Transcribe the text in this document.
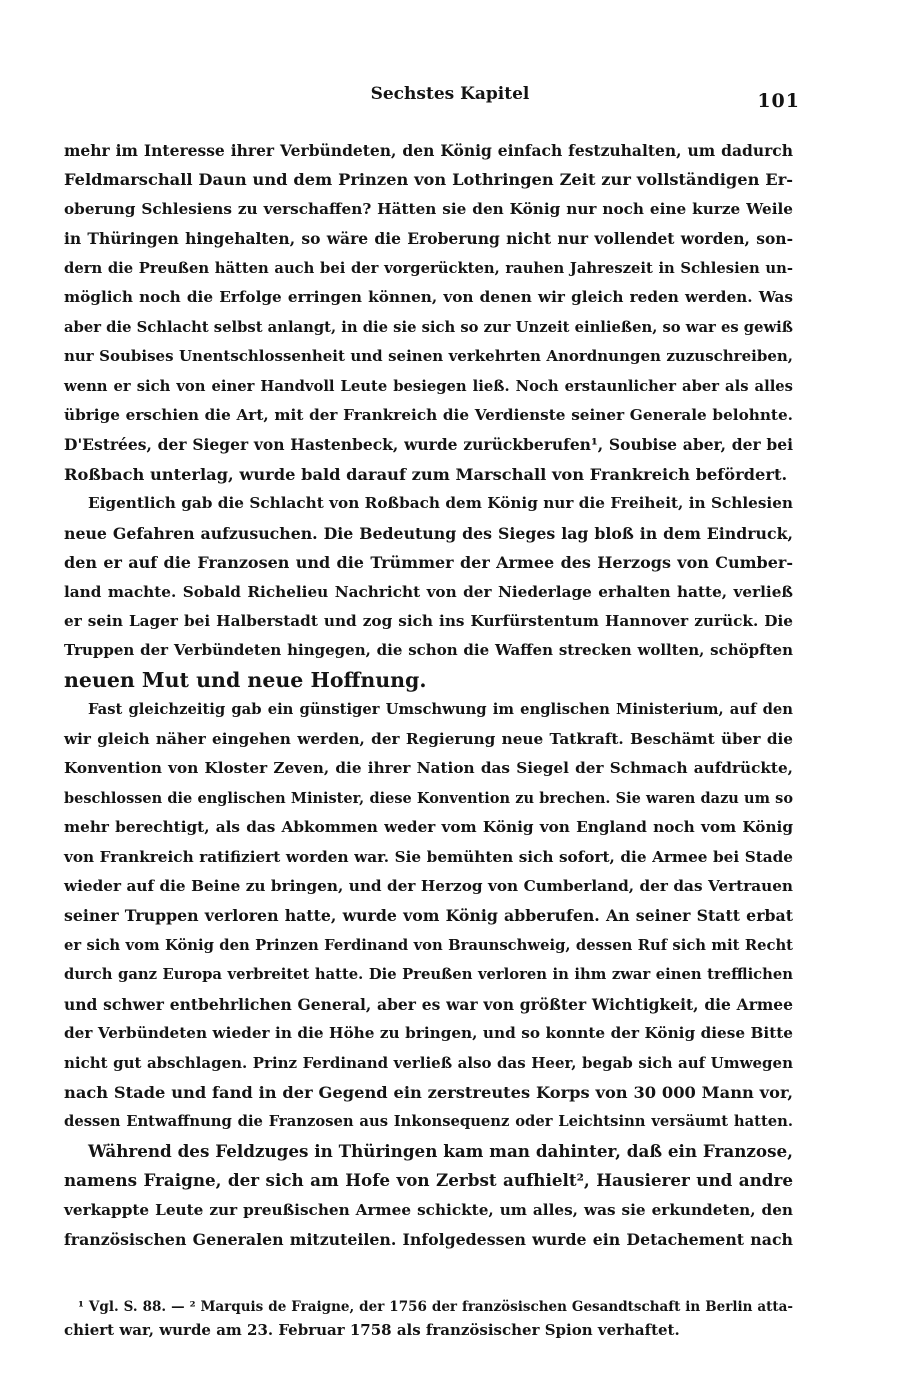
Sechstes Kapitel	101
mehr im Interesse ihrer Verbündeten, den König einfach festzuhalten, um dadurch
Feldmarschall Daun und dem Prinzen von Lothringen Zeit zur vollständigen Er-
oberung Schlesiens zu verschaffen? Hätten sie den König nur noch eine kurze Weile
in Thüringen hingehalten, so wäre die Eroberung nicht nur vollendet worden, son-
dern die Preußen hätten auch bei der vorgerückten, rauhen Jahreszeit in Schlesien un-
möglich noch die Erfolge erringen können, von denen wir gleich reden werden. Was
aber die Schlacht selbst anlangt, in die sie sich so zur Unzeit einließen, so war es gewiß
nur Soubises Unentschlossenheit und seinen verkehrten Anordnungen zuzuschreiben,
wenn er sich von einer Handvoll Leute besiegen ließ. Noch erstaunlicher aber als alles
übrige erschien die Art, mit der Frankreich die Verdienste seiner Generale belohnte.
D'Estrées, der Sieger von Hastenbeck, wurde zurückberufen¹, Soubise aber, der bei
Roßbach unterlag, wurde bald darauf zum Marschall von Frankreich befördert.
Eigentlich gab die Schlacht von Roßbach dem König nur die Freiheit, in Schlesien
neue Gefahren aufzusuchen. Die Bedeutung des Sieges lag bloß in dem Eindruck,
den er auf die Franzosen und die Trümmer der Armee des Herzogs von Cumber-
land machte. Sobald Richelieu Nachricht von der Niederlage erhalten hatte, verließ
er sein Lager bei Halberstadt und zog sich ins Kurfürstentum Hannover zurück. Die
Truppen der Verbündeten hingegen, die schon die Waffen strecken wollten, schöpften
neuen Mut und neue Hoffnung.
Fast gleichzeitig gab ein günstiger Umschwung im englischen Ministerium, auf den
wir gleich näher eingehen werden, der Regierung neue Tatkraft. Beschämt über die
Konvention von Kloster Zeven, die ihrer Nation das Siegel der Schmach aufdrückte,
beschlossen die englischen Minister, diese Konvention zu brechen. Sie waren dazu um so
mehr berechtigt, als das Abkommen weder vom König von England noch vom König
von Frankreich ratifiziert worden war. Sie bemühten sich sofort, die Armee bei Stade
wieder auf die Beine zu bringen, und der Herzog von Cumberland, der das Vertrauen
seiner Truppen verloren hatte, wurde vom König abberufen. An seiner Statt erbat
er sich vom König den Prinzen Ferdinand von Braunschweig, dessen Ruf sich mit Recht
durch ganz Europa verbreitet hatte. Die Preußen verloren in ihm zwar einen trefflichen
und schwer entbehrlichen General, aber es war von größter Wichtigkeit, die Armee
der Verbündeten wieder in die Höhe zu bringen, und so konnte der König diese Bitte
nicht gut abschlagen. Prinz Ferdinand verließ also das Heer, begab sich auf Umwegen
nach Stade und fand in der Gegend ein zerstreutes Korps von 30 000 Mann vor,
dessen Entwaffnung die Franzosen aus Inkonsequenz oder Leichtsinn versäumt hatten.
Während des Feldzuges in Thüringen kam man dahinter, daß ein Franzose,
namens Fraigne, der sich am Hofe von Zerbst aufhielt², Hausierer und andre
verkappte Leute zur preußischen Armee schickte, um alles, was sie erkundeten, den
französischen Generalen mitzuteilen. Infolgedessen wurde ein Detachement nach
¹ Vgl. S. 88. — ² Marquis de Fraigne, der 1756 der französischen Gesandtschaft in Berlin atta-
chiert war, wurde am 23. Februar 1758 als französischer Spion verhaftet.
